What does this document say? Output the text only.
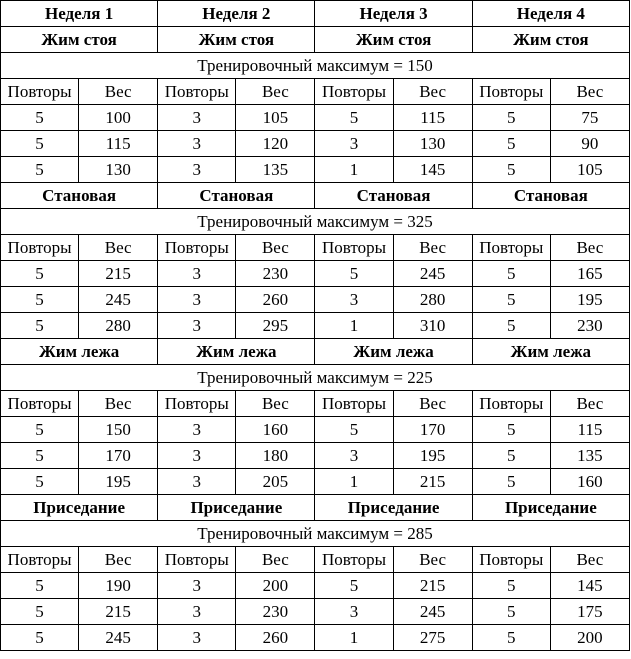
Неделя 1		Неделя 2		Неделя 3		Неделя 4	
Жим стоя		Жим стоя		Жим стоя		Жим стоя	
Тренировочный максимум = 150							
Повторы	Вес	Повторы	Вес	Повторы	Вес	Повторы	Вес
5	100	3	105	5	115	5	75
5	115	3	120	3	130	5	90
5	130	3	135	1	145	5	105
Становая		Становая		Становая		Становая	
Тренировочный максимум = 325							
Повторы	Вес	Повторы	Вес	Повторы	Вес	Повторы	Вес
5	215	3	230	5	245	5	165
5	245	3	260	3	280	5	195
5	280	3	295	1	310	5	230
Жим лежа		Жим лежа		Жим лежа		Жим лежа	
Тренировочный максимум = 225							
Повторы	Вес	Повторы	Вес	Повторы	Вес	Повторы	Вес
5	150	3	160	5	170	5	115
5	170	3	180	3	195	5	135
5	195	3	205	1	215	5	160
Приседание		Приседание		Приседание		Приседание	
Тренировочный максимум = 285							
Повторы	Вес	Повторы	Вес	Повторы	Вес	Повторы	Вес
5	190	3	200	5	215	5	145
5	215	3	230	3	245	5	175
5	245	3	260	1	275	5	200
